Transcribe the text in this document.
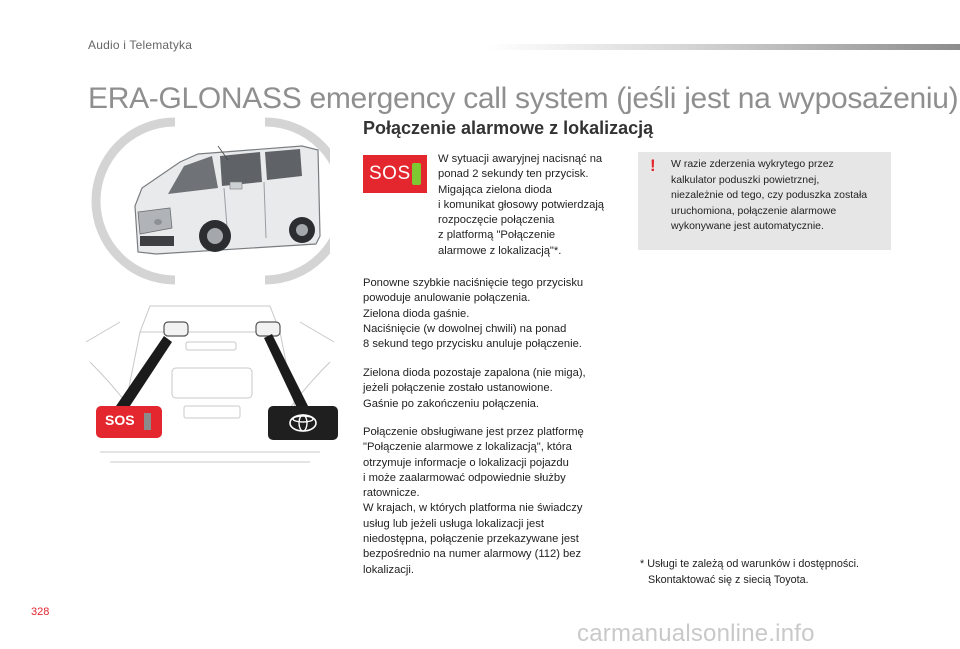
Audio i Telematyka
ERA-GLONASS emergency call system (jeśli jest na wyposażeniu)
SOS
Połączenie alarmowe z lokalizacją
SOS
W sytuacji awaryjnej nacisnąć na
ponad 2 sekundy ten przycisk.
Migająca zielona dioda
i komunikat głosowy potwierdzają
rozpoczęcie połączenia
z platformą "Połączenie
alarmowe z lokalizacją"*.
Ponowne szybkie naciśnięcie tego przycisku
powoduje anulowanie połączenia.
Zielona dioda gaśnie.
Naciśnięcie (w dowolnej chwili) na ponad
8 sekund tego przycisku anuluje połączenie.
Zielona dioda pozostaje zapalona (nie miga),
jeżeli połączenie zostało ustanowione.
Gaśnie po zakończeniu połączenia.
Połączenie obsługiwane jest przez platformę
"Połączenie alarmowe z lokalizacją", która
otrzymuje informacje o lokalizacji pojazdu
i może zaalarmować odpowiednie służby
ratownicze.
W krajach, w których platforma nie świadczy
usług lub jeżeli usługa lokalizacji jest
niedostępna, połączenie przekazywane jest
bezpośrednio na numer alarmowy (112) bez
lokalizacji.
! W razie zderzenia wykrytego przez
kalkulator poduszki powietrznej,
niezależnie od tego, czy poduszka została
uruchomiona, połączenie alarmowe
wykonywane jest automatycznie.
* Usługi te zależą od warunków i dostępności.
Skontaktować się z siecią Toyota.
328
carmanualsonline.info
